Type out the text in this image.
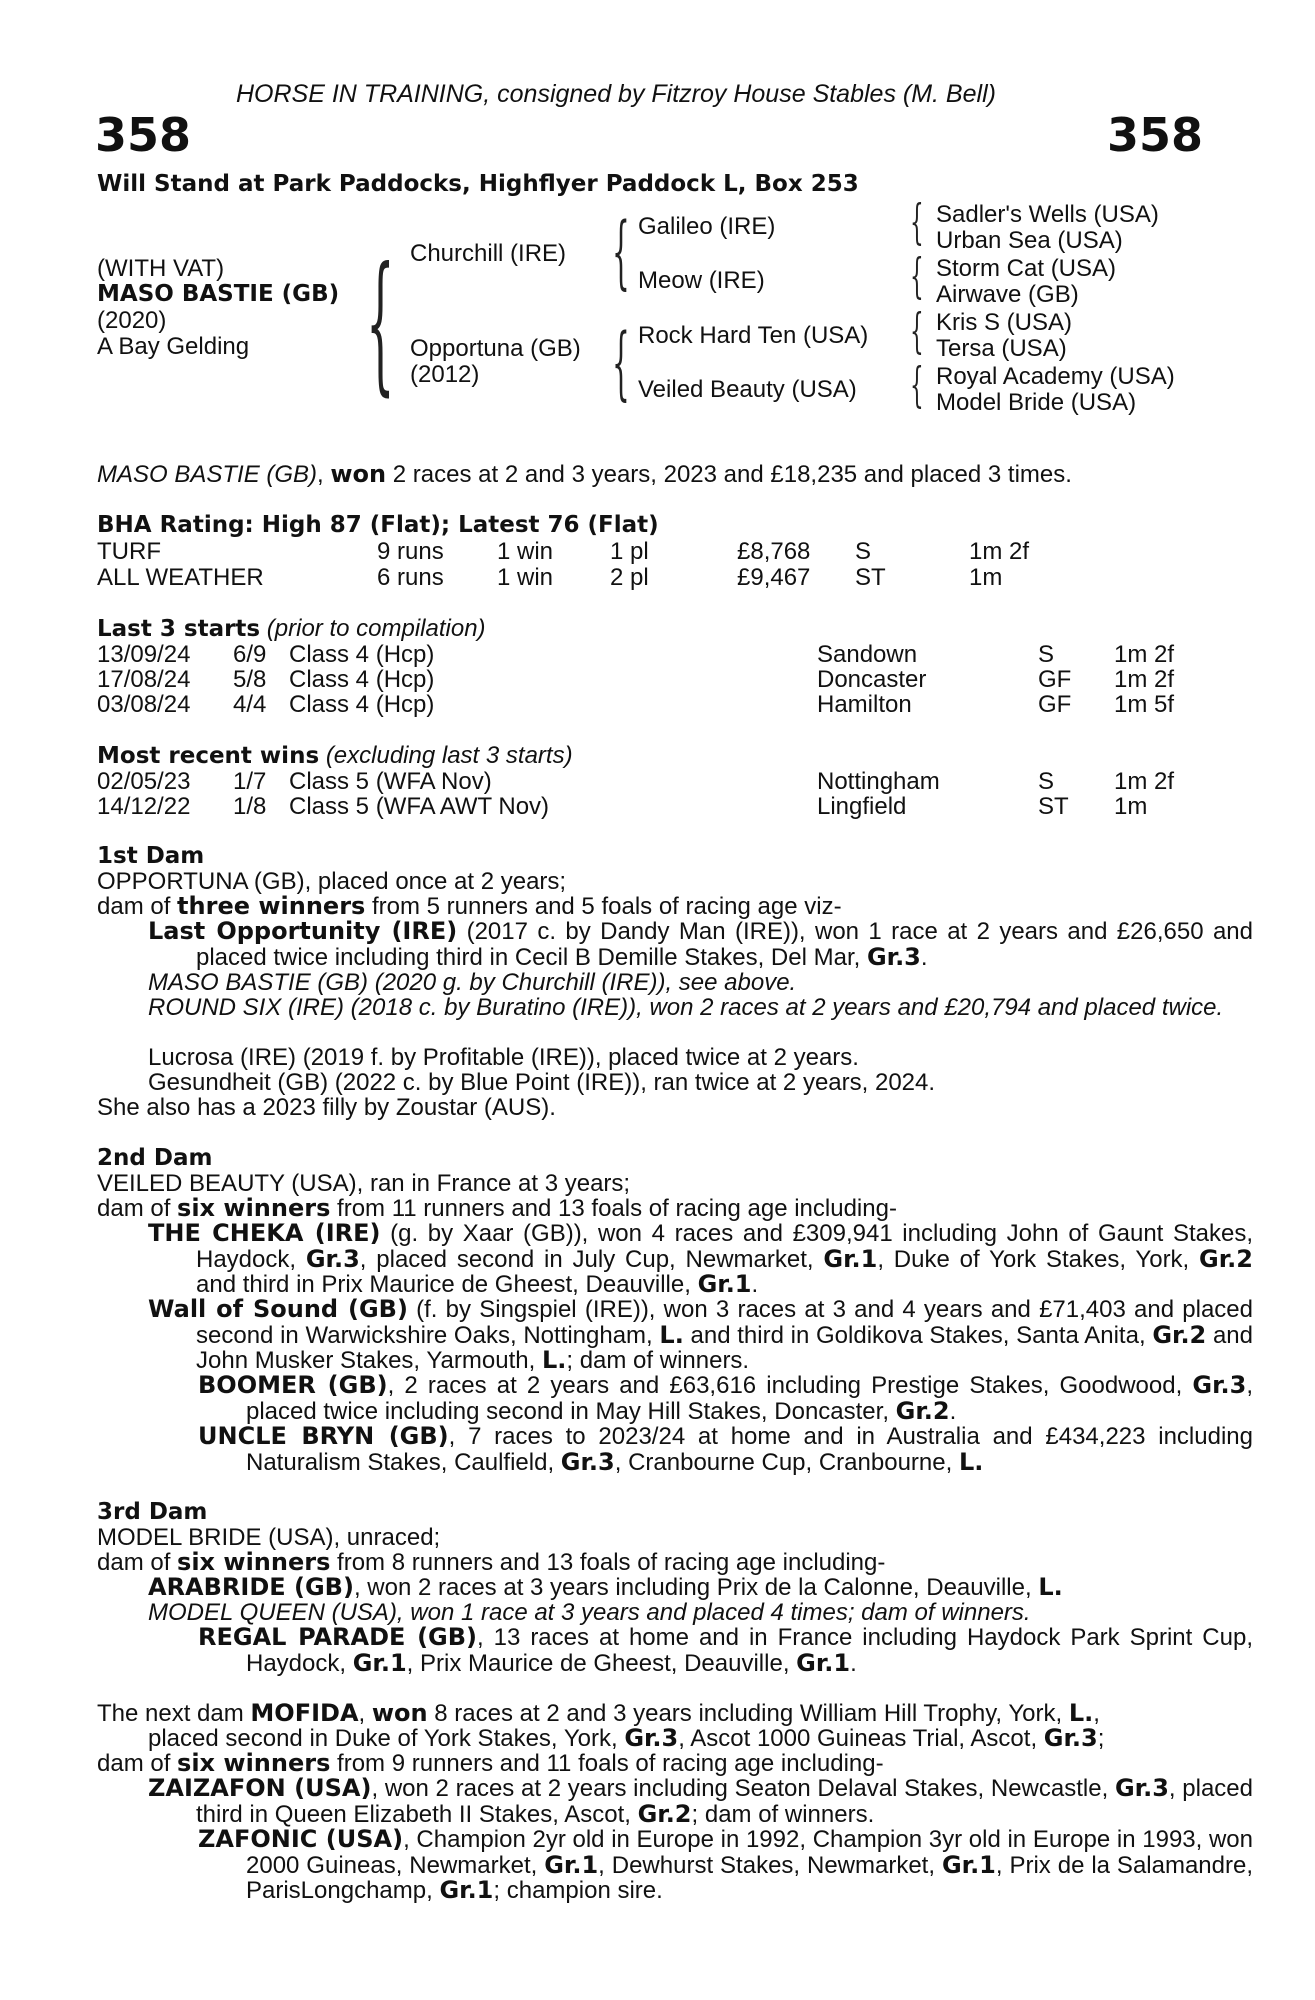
HORSE IN TRAINING, consigned by Fitzroy House Stables (M. Bell)
358	358
Will Stand at Park Paddocks, Highflyer Paddock L, Box 253
(WITH VAT)
MASO BASTIE (GB)
(2020)
A Bay Gelding { Churchill (IRE)
Opportuna (GB)
(2012)
{
{
Galileo (IRE)
Meow (IRE)
Rock Hard Ten (USA)
Veiled Beauty (USA)
{
{
{
{
Sadler's Wells (USA)
Urban Sea (USA)
Storm Cat (USA)
Airwave (GB)
Kris S (USA)
Tersa (USA)
Royal Academy (USA)
Model Bride (USA)
MASO BASTIE (GB), won 2 races at 2 and 3 years, 2023 and £18,235 and placed 3 times.
BHA Rating: High 87 (Flat); Latest 76 (Flat)
TURF	9 runs 1 win 1 pl	£8,768 S	1m 2f
ALL WEATHER	6 runs 1 win 2 pl	£9,467 ST	1m
Last 3 starts (prior to compilation)
13/09/24 6/9 Class 4 (Hcp)	Sandown	S 1m 2f
17/08/24 5/8 Class 4 (Hcp)	Doncaster	GF 1m 2f
03/08/24 4/4 Class 4 (Hcp)	Hamilton	GF 1m 5f
Most recent wins (excluding last 3 starts)
02/05/23 1/7 Class 5 (WFA Nov)	Nottingham	S 1m 2f
14/12/22 1/8 Class 5 (WFA AWT Nov)	Lingfield	ST 1m
1st Dam
OPPORTUNA (GB), placed once at 2 years;
dam of three winners from 5 runners and 5 foals of racing age viz-
Last Opportunity (IRE) (2017 c. by Dandy Man (IRE)), won 1 race at 2 years and £26,650 and placed twice including third in Cecil B Demille Stakes, Del Mar, Gr.3.
MASO BASTIE (GB) (2020 g. by Churchill (IRE)), see above.
ROUND SIX (IRE) (2018 c. by Buratino (IRE)), won 2 races at 2 years and £20,794 and placed twice.
Lucrosa (IRE) (2019 f. by Profitable (IRE)), placed twice at 2 years.
Gesundheit (GB) (2022 c. by Blue Point (IRE)), ran twice at 2 years, 2024.
She also has a 2023 filly by Zoustar (AUS).
2nd Dam
VEILED BEAUTY (USA), ran in France at 3 years;
dam of six winners from 11 runners and 13 foals of racing age including-
THE CHEKA (IRE) (g. by Xaar (GB)), won 4 races and £309,941 including John of Gaunt Stakes, Haydock, Gr.3, placed second in July Cup, Newmarket, Gr.1, Duke of York Stakes, York, Gr.2 and third in Prix Maurice de Gheest, Deauville, Gr.1.
Wall of Sound (GB) (f. by Singspiel (IRE)), won 3 races at 3 and 4 years and £71,403 and placed second in Warwickshire Oaks, Nottingham, L. and third in Goldikova Stakes, Santa Anita, Gr.2 and John Musker Stakes, Yarmouth, L.; dam of winners.
BOOMER (GB), 2 races at 2 years and £63,616 including Prestige Stakes, Goodwood, Gr.3, placed twice including second in May Hill Stakes, Doncaster, Gr.2.
UNCLE BRYN (GB), 7 races to 2023/24 at home and in Australia and £434,223 including Naturalism Stakes, Caulfield, Gr.3, Cranbourne Cup, Cranbourne, L.
3rd Dam
MODEL BRIDE (USA), unraced;
dam of six winners from 8 runners and 13 foals of racing age including-
ARABRIDE (GB), won 2 races at 3 years including Prix de la Calonne, Deauville, L.
MODEL QUEEN (USA), won 1 race at 3 years and placed 4 times; dam of winners.
REGAL PARADE (GB), 13 races at home and in France including Haydock Park Sprint Cup, Haydock, Gr.1, Prix Maurice de Gheest, Deauville, Gr.1.
The next dam MOFIDA, won 8 races at 2 and 3 years including William Hill Trophy, York, L.,
placed second in Duke of York Stakes, York, Gr.3, Ascot 1000 Guineas Trial, Ascot, Gr.3;
dam of six winners from 9 runners and 11 foals of racing age including-
ZAIZAFON (USA), won 2 races at 2 years including Seaton Delaval Stakes, Newcastle, Gr.3, placed third in Queen Elizabeth II Stakes, Ascot, Gr.2; dam of winners.
ZAFONIC (USA), Champion 2yr old in Europe in 1992, Champion 3yr old in Europe in 1993, won 2000 Guineas, Newmarket, Gr.1, Dewhurst Stakes, Newmarket, Gr.1, Prix de la Salamandre, ParisLongchamp, Gr.1; champion sire.
